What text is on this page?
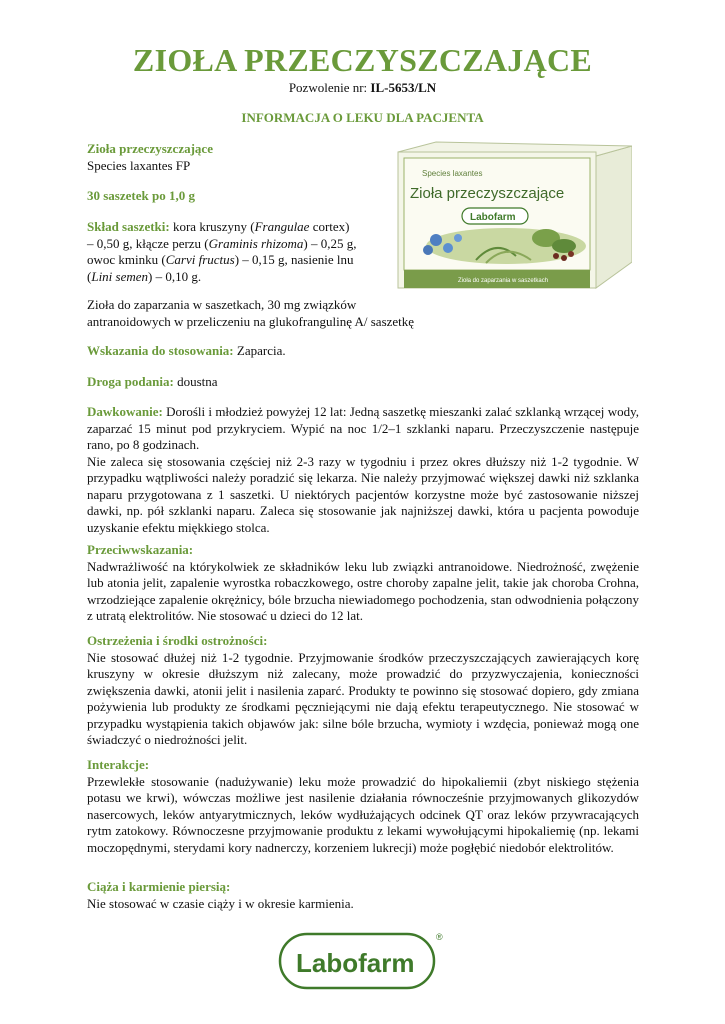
ZIOŁA PRZECZYSZCZAJĄCE
Pozwolenie nr: IL-5653/LN
INFORMACJA O LEKU DLA PACJENTA
Zioła przeczyszczające
Species laxantes FP
30 saszetek po 1,0 g
Skład saszetki: kora kruszyny (Frangulae cortex)
– 0,50 g, kłącze perzu (Graminis rhizoma) – 0,25 g,
owoc kminku (Carvi fructus) – 0,15 g, nasienie lnu
(Lini semen) – 0,10 g.
Zioła do zaparzania w saszetkach, 30 mg związków
antranoidowych w przeliczeniu na glukofrangulinę A/ saszetkę
Wskazania do stosowania: Zaparcia.
Droga podania: doustna
Dawkowanie: Dorośli i młodzież powyżej 12 lat: Jedną saszetkę mieszanki zalać szklanką wrzącej wody, zaparzać 15 minut pod przykryciem. Wypić na noc 1/2–1 szklanki naparu. Przeczyszczenie następuje rano, po 8 godzinach.
Nie zaleca się stosowania częściej niż 2-3 razy w tygodniu i przez okres dłuższy niż 1-2 tygodnie. W przypadku wątpliwości należy poradzić się lekarza. Nie należy przyjmować większej dawki niż szklanka naparu przygotowana z 1 saszetki. U niektórych pacjentów korzystne może być zastosowanie niższej dawki, np. pół szklanki naparu. Zaleca się stosowanie jak najniższej dawki, która u pacjenta powoduje uzyskanie efektu miękkiego stolca.
Przeciwwskazania:
Nadwrażliwość na którykolwiek ze składników leku lub związki antranoidowe. Niedrożność, zwężenie lub atonia jelit, zapalenie wyrostka robaczkowego, ostre choroby zapalne jelit, takie jak choroba Crohna, wrzodziejące zapalenie okrężnicy, bóle brzucha niewiadomego pochodzenia, stan odwodnienia połączony z utratą elektrolitów. Nie stosować u dzieci do 12 lat.
Ostrzeżenia i środki ostrożności:
Nie stosować dłużej niż 1-2 tygodnie. Przyjmowanie środków przeczyszczających zawierających korę kruszyny w okresie dłuższym niż zalecany, może prowadzić do przyzwyczajenia, konieczności zwiększenia dawki, atonii jelit i nasilenia zaparć. Produkty te powinno się stosować dopiero, gdy zmiana pożywienia lub produkty ze środkami pęczniejącymi nie dają efektu terapeutycznego. Nie stosować w przypadku wystąpienia takich objawów jak: silne bóle brzucha, wymioty i wzdęcia, ponieważ mogą one świadczyć o niedrożności jelit.
Interakcje:
Przewlekłe stosowanie (nadużywanie) leku może prowadzić do hipokaliemii (zbyt niskiego stężenia potasu we krwi), wówczas możliwe jest nasilenie działania równocześnie przyjmowanych glikozydów nasercowych, leków antyarytmicznych, leków wydłużających odcinek QT oraz leków przywracających rytm zatokowy. Równoczesne przyjmowanie produktu z lekami wywołującymi hipokaliemię (np. lekami moczopędnymi, sterydami kory nadnerczy, korzeniem lukrecji) może pogłębić niedobór elektrolitów.
Ciąża i karmienie piersią:
Nie stosować w czasie ciąży i w okresie karmienia.
Species laxantes
Zioła przeczyszczające
Labofarm
Zioła do zaparzania w saszetkach
Labofarm
®
